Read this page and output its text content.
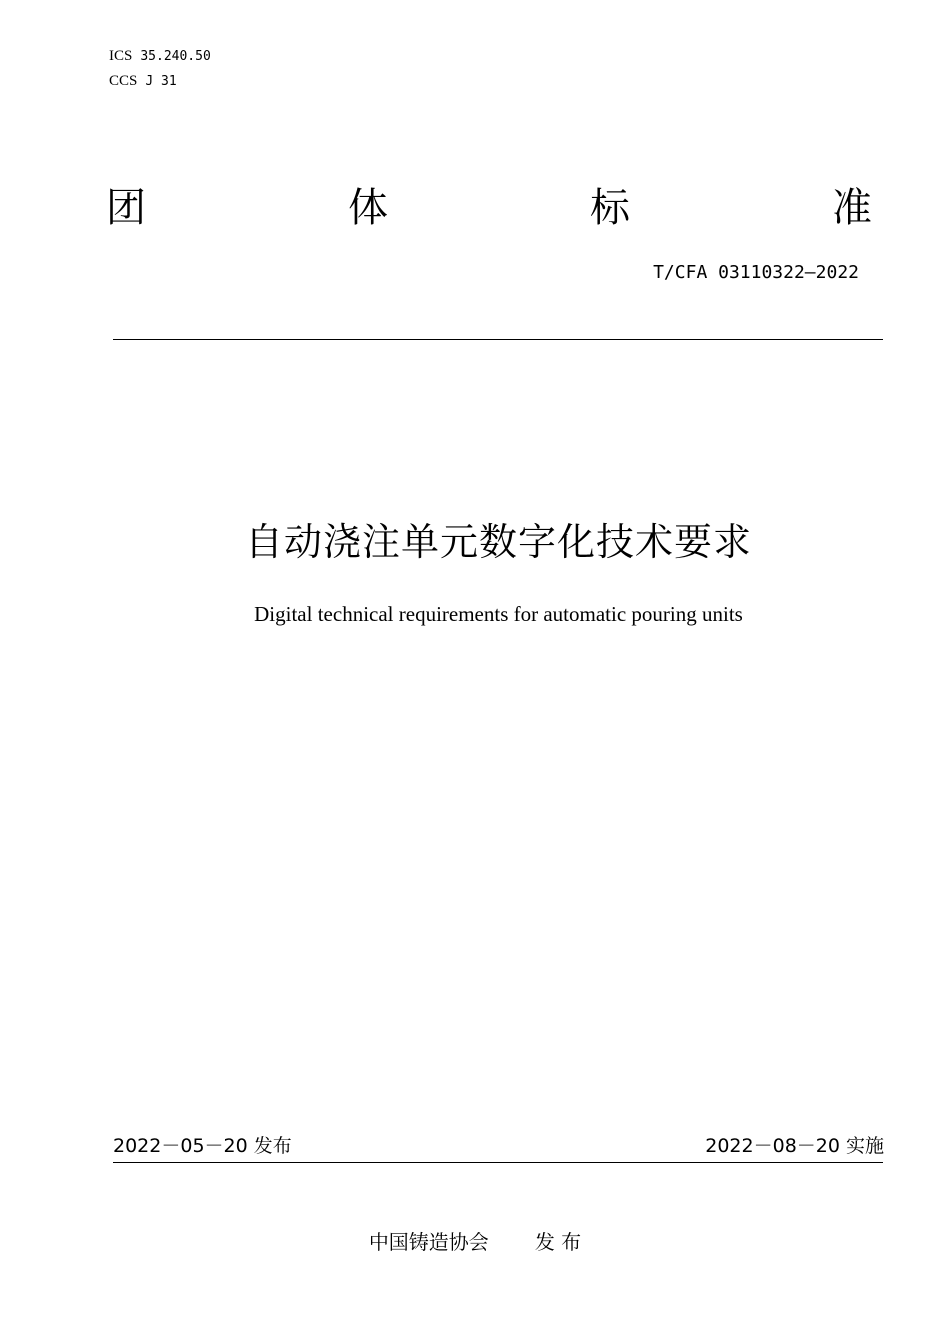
ICS 35.240.50
CCS J 31
团	体	标	准
T/CFA 03110322—2022
自动浇注单元数字化技术要求
Digital technical requirements for automatic pouring units
2022－05－20 发布	2022－08－20 实施
中国铸造协会 发 布
